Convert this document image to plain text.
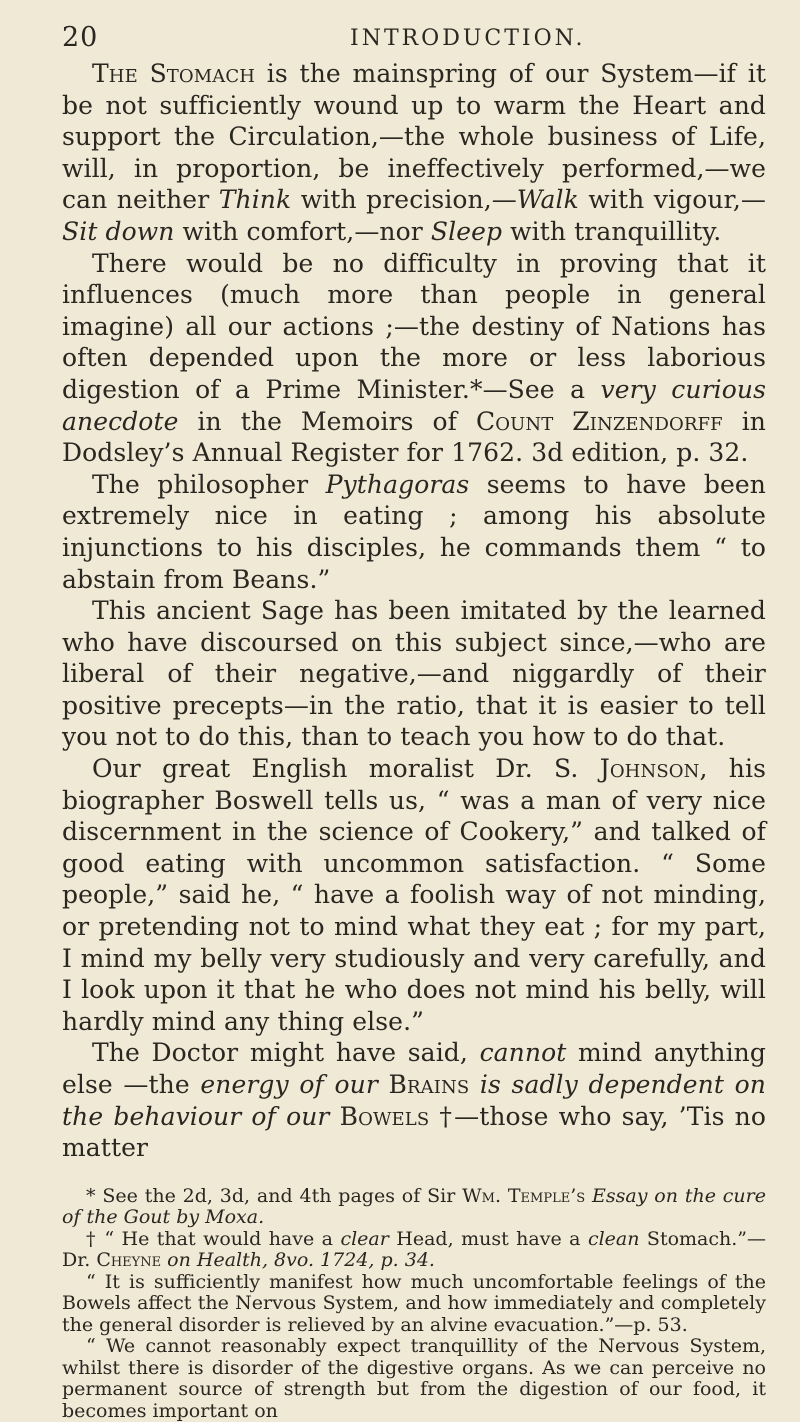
20	INTRODUCTION.

The Stomach is the mainspring of our System—if it be not sufficiently wound up to warm the Heart and support the Circulation,—the whole business of Life, will, in proportion, be ineffectively performed,—we can neither Think with precision,—Walk with vigour,—Sit down with comfort,—nor Sleep with tranquillity.

There would be no difficulty in proving that it influences (much more than people in general imagine) all our actions ;—the destiny of Nations has often depended upon the more or less laborious digestion of a Prime Minister.*—See a very curious anecdote in the Memoirs of Count Zinzendorff in Dodsley’s Annual Register for 1762. 3d edition, p. 32.

The philosopher Pythagoras seems to have been extremely nice in eating ; among his absolute injunctions to his disciples, he commands them “ to abstain from Beans.”

This ancient Sage has been imitated by the learned who have discoursed on this subject since,—who are liberal of their negative,—and niggardly of their positive precepts—in the ratio, that it is easier to tell you not to do this, than to teach you how to do that.

Our great English moralist Dr. S. Johnson, his biographer Boswell tells us, “ was a man of very nice discernment in the science of Cookery,” and talked of good eating with uncommon satisfaction. “ Some people,” said he, “ have a foolish way of not minding, or pretending not to mind what they eat ; for my part, I mind my belly very studiously and very carefully, and I look upon it that he who does not mind his belly, will hardly mind any thing else.”

The Doctor might have said, cannot mind anything else —the energy of our Brains is sadly dependent on the behaviour of our Bowels †—those who say, ’Tis no matter

* See the 2d, 3d, and 4th pages of Sir Wm. Temple’s Essay on the cure of the Gout by Moxa.

† “ He that would have a clear Head, must have a clean Stomach.”—Dr. Cheyne on Health, 8vo. 1724, p. 34.

“ It is sufficiently manifest how much uncomfortable feelings of the Bowels affect the Nervous System, and how immediately and completely the general disorder is relieved by an alvine evacuation.”—p. 53.

“ We cannot reasonably expect tranquillity of the Nervous System, whilst there is disorder of the digestive organs. As we can perceive no permanent source of strength but from the digestion of our food, it becomes important on
